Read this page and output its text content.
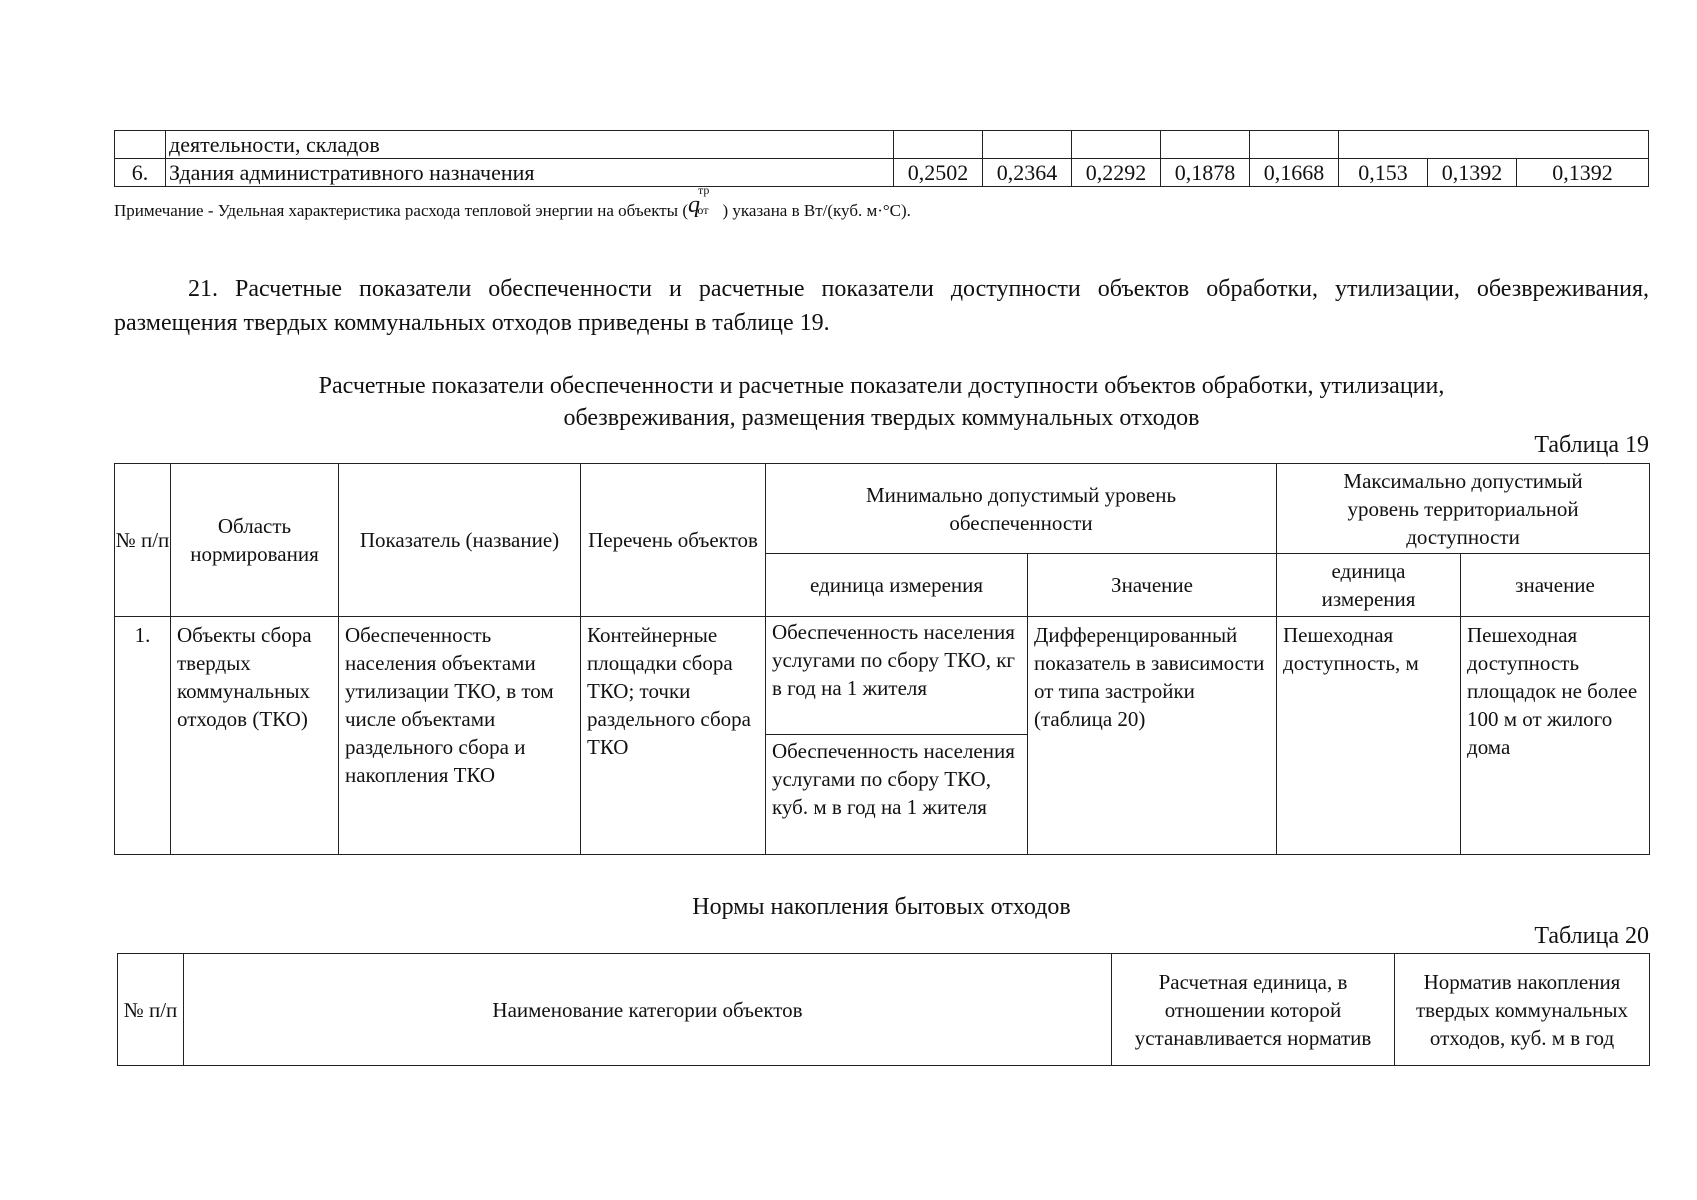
	деятельности, складов								
6.	Здания административного назначения	0,2502	0,2364	0,2292	0,1878	0,1668	0,153	0,1392	0,1392
Примечание - Удельная характеристика расхода тепловой энергии на объекты ($q^{тр}от$ ) указана в Вт/(куб. м·°С).
21. Расчетные показатели обеспеченности и расчетные показатели доступности объектов обработки, утилизации, обезвреживания, размещения твердых коммунальных отходов приведены в таблице 19.
Расчетные показатели обеспеченности и расчетные показатели доступности объектов обработки, утилизации,
обезвреживания, размещения твердых коммунальных отходов
Таблица 19
№ п/п	Область нормирования	Показатель (название)	Перечень объектов	Минимально допустимый уровень обеспеченности		Максимально допустимый уровень территориальной доступности	
				единица измерения	Значение	единица измерения	значение
1.	Объекты сбора твердых коммунальных отходов (ТКО)	Обеспеченность населения объектами утилизации ТКО, в том числе объектами раздельного сбора и накопления ТКО	Контейнерные площадки сбора ТКО; точки раздельного сбора ТКО	Обеспеченность населения услугами по сбору ТКО, кг в год на 1 жителя	Дифференцированный показатель в зависимости от типа застройки (таблица 20)	Пешеходная доступность, м	Пешеходная доступность площадок не более 100 м от жилого дома
				Обеспеченность населения услугами по сбору ТКО, куб. м в год на 1 жителя			
Нормы накопления бытовых отходов
Таблица 20
№ п/п	Наименование категории объектов	Расчетная единица, в отношении которой устанавливается норматив	Норматив накопления твердых коммунальных отходов, куб. м в год
